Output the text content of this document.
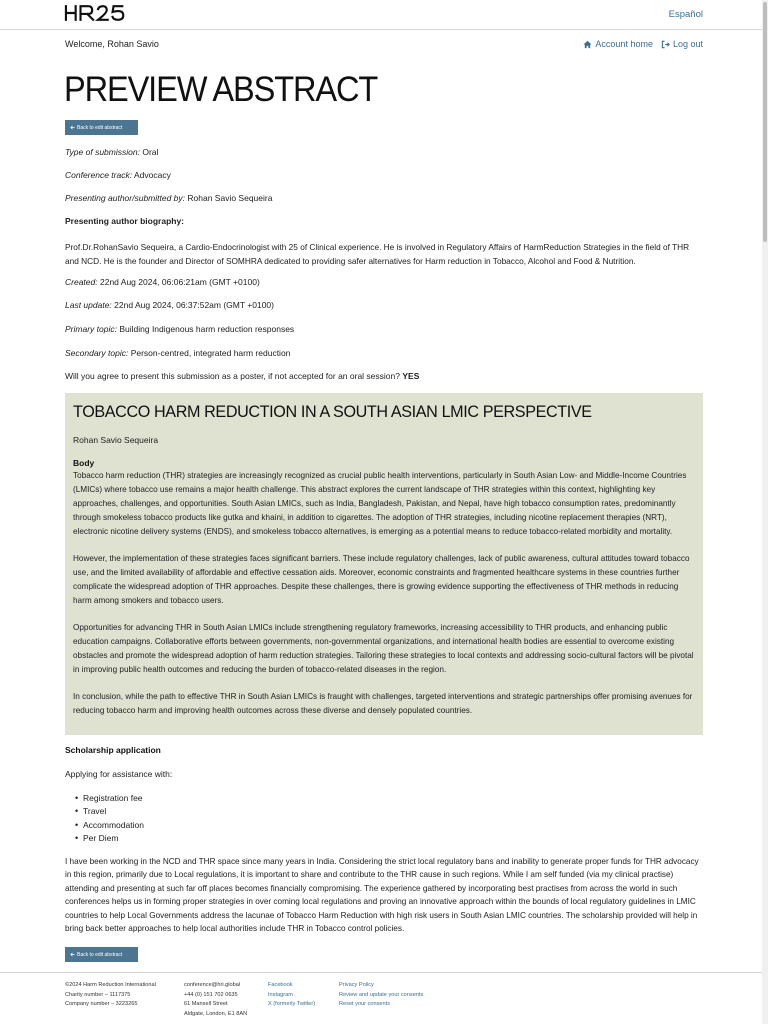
Español
Welcome, Rohan Savio	Account home Log out
PREVIEW ABSTRACT
Back to edit abstract
Type of submission: Oral
Conference track: Advocacy
Presenting author/submitted by: Rohan Savio Sequeira
Presenting author biography:
Prof.Dr.RohanSavio Sequeira, a Cardio-Endocrinologist with 25 of Clinical experience. He is involved in Regulatory Affairs of HarmReduction Strategies in the field of THR and NCD. He is the founder and Director of SOMHRA dedicated to providing safer alternatives for Harm reduction in Tobacco, Alcohol and Food & Nutrition.
Created: 22nd Aug 2024, 06:06:21am (GMT +0100)
Last update: 22nd Aug 2024, 06:37:52am (GMT +0100)
Primary topic: Building Indigenous harm reduction responses
Secondary topic: Person-centred, integrated harm reduction
Will you agree to present this submission as a poster, if not accepted for an oral session? YES
TOBACCO HARM REDUCTION IN A SOUTH ASIAN LMIC PERSPECTIVE
Rohan Savio Sequeira
Body

Tobacco harm reduction (THR) strategies are increasingly recognized as crucial public health interventions, particularly in South Asian Low- and Middle-Income Countries (LMICs) where tobacco use remains a major health challenge. This abstract explores the current landscape of THR strategies within this context, highlighting key approaches, challenges, and opportunities. South Asian LMICs, such as India, Bangladesh, Pakistan, and Nepal, have high tobacco consumption rates, predominantly through smokeless tobacco products like gutka and khaini, in addition to cigarettes. The adoption of THR strategies, including nicotine replacement therapies (NRT), electronic nicotine delivery systems (ENDS), and smokeless tobacco alternatives, is emerging as a potential means to reduce tobacco-related morbidity and mortality.

However, the implementation of these strategies faces significant barriers. These include regulatory challenges, lack of public awareness, cultural attitudes toward tobacco use, and the limited availability of affordable and effective cessation aids. Moreover, economic constraints and fragmented healthcare systems in these countries further complicate the widespread adoption of THR approaches. Despite these challenges, there is growing evidence supporting the effectiveness of THR methods in reducing harm among smokers and tobacco users.

Opportunities for advancing THR in South Asian LMICs include strengthening regulatory frameworks, increasing accessibility to THR products, and enhancing public education campaigns. Collaborative efforts between governments, non-governmental organizations, and international health bodies are essential to overcome existing obstacles and promote the widespread adoption of harm reduction strategies. Tailoring these strategies to local contexts and addressing socio-cultural factors will be pivotal in improving public health outcomes and reducing the burden of tobacco-related diseases in the region.

In conclusion, while the path to effective THR in South Asian LMICs is fraught with challenges, targeted interventions and strategic partnerships offer promising avenues for reducing tobacco harm and improving health outcomes across these diverse and densely populated countries.

Scholarship application
Applying for assistance with:
• Registration fee
• Travel
• Accommodation
• Per Diem
I have been working in the NCD and THR space since many years in India. Considering the strict local regulatory bans and inability to generate proper funds for THR advocacy in this region, primarily due to Local regulations, it is important to share and contribute to the THR cause in such regions. While I am self funded (via my clinical practise) attending and presenting at such far off places becomes financially compromising. The experience gathered by incorporating best practises from across the world in such conferences helps us in forming proper strategies in over coming local regulations and proving an innovative approach within the bounds of local regulatory guidelines in LMIC countries to help Local Governments address the lacunae of Tobacco Harm Reduction with high risk users in South Asian LMIC countries. The scholarship provided will help in bring back better approaches to help local authorities include THR in Tobacco control policies.
Back to edit abstract
©2024 Harm Reduction International
Charity number – 1117375
Company number – 3223265
conference@hri.global
+44 (0) 151 702 0635
61 Mansell Street
Aldgate, London, E1 8AN
Facebook
Instagram
X (formerly Twitter)
Privacy Policy
Review and update your consents
Reset your consents
